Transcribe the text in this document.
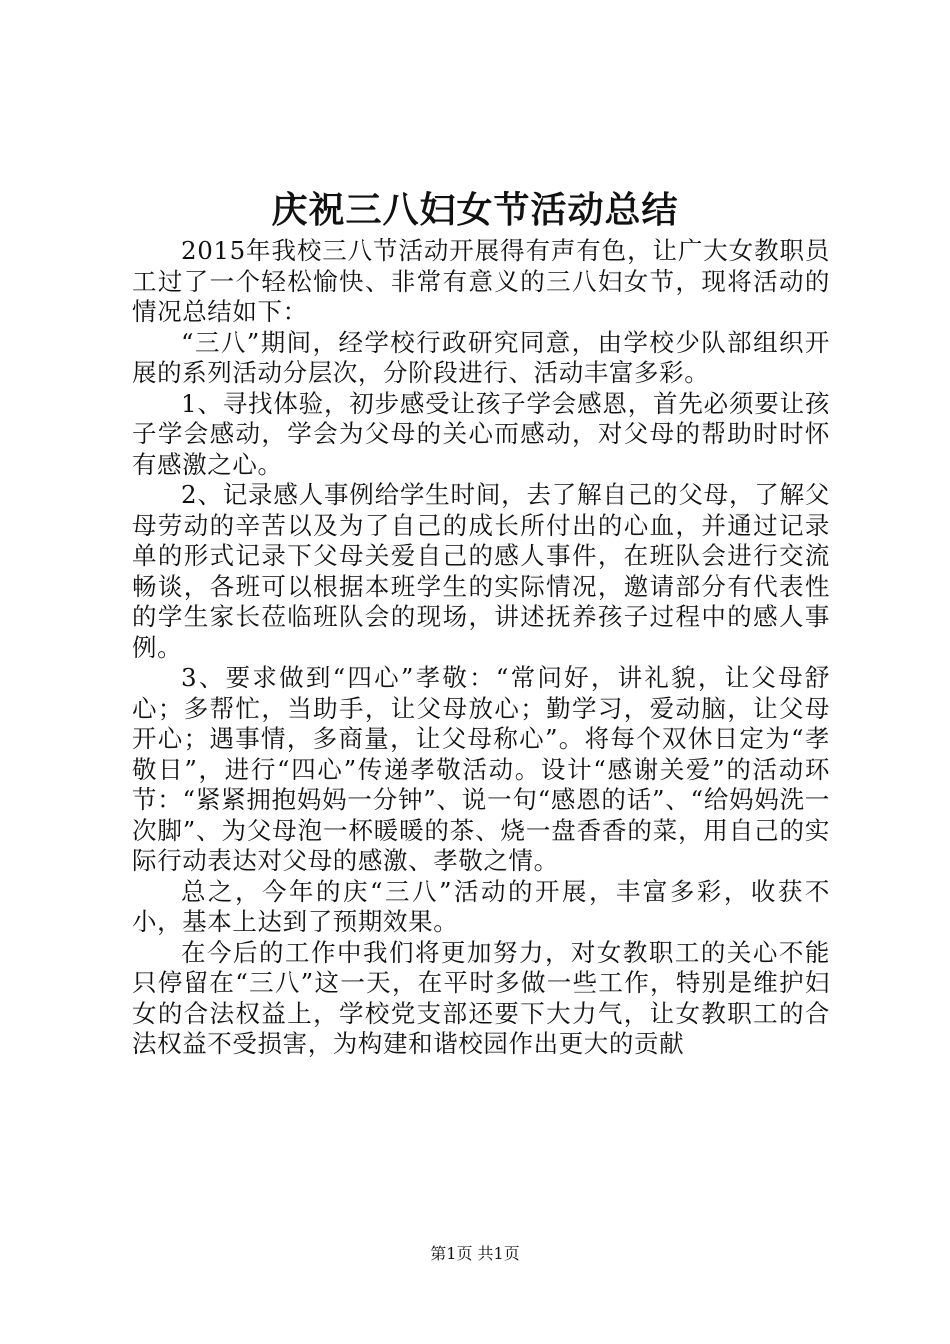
庆祝三八妇女节活动总结

2015年我校三八节活动开展得有声有色，让广大女教职员工过了一个轻松愉快、非常有意义的三八妇女节，现将活动的情况总结如下：

“三八”期间，经学校行政研究同意，由学校少队部组织开展的系列活动分层次，分阶段进行、活动丰富多彩。

1、寻找体验，初步感受让孩子学会感恩，首先必须要让孩子学会感动，学会为父母的关心而感动，对父母的帮助时时怀有感激之心。

2、记录感人事例给学生时间，去了解自己的父母，了解父母劳动的辛苦以及为了自己的成长所付出的心血，并通过记录单的形式记录下父母关爱自己的感人事件，在班队会进行交流畅谈，各班可以根据本班学生的实际情况，邀请部分有代表性的学生家长莅临班队会的现场，讲述抚养孩子过程中的感人事例。

3、要求做到“四心”孝敬：“常问好，讲礼貌，让父母舒心；多帮忙，当助手，让父母放心；勤学习，爱动脑，让父母开心；遇事情，多商量，让父母称心”。将每个双休日定为“孝敬日”，进行“四心”传递孝敬活动。设计“感谢关爱”的活动环节：“紧紧拥抱妈妈一分钟”、说一句“感恩的话”、“给妈妈洗一次脚”、为父母泡一杯暖暖的茶、烧一盘香香的菜，用自己的实际行动表达对父母的感激、孝敬之情。

总之，今年的庆“三八”活动的开展，丰富多彩，收获不小，基本上达到了预期效果。

在今后的工作中我们将更加努力，对女教职工的关心不能只停留在“三八”这一天，在平时多做一些工作，特别是维护妇女的合法权益上，学校党支部还要下大力气，让女教职工的合法权益不受损害，为构建和谐校园作出更大的贡献

第1页 共1页
